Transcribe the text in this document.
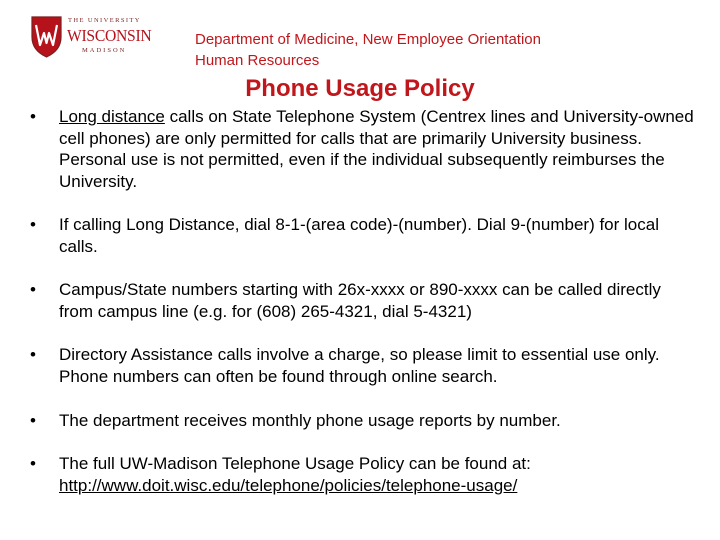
THE UNIVERSITY
WISCONSIN
MADISON
Department of Medicine, New Employee Orientation
Human Resources
Phone Usage Policy
• Long distance calls on State Telephone System (Centrex lines and University-owned cell phones) are only permitted for calls that are primarily University business. Personal use is not permitted, even if the individual subsequently reimburses the University.
• If calling Long Distance, dial 8-1-(area code)-(number). Dial 9-(number) for local calls.
• Campus/State numbers starting with 26x-xxxx or 890-xxxx can be called directly from campus line (e.g. for (608) 265-4321, dial 5-4321)
• Directory Assistance calls involve a charge, so please limit to essential use only. Phone numbers can often be found through online search.
• The department receives monthly phone usage reports by number.
• The full UW-Madison Telephone Usage Policy can be found at:
http://www.doit.wisc.edu/telephone/policies/telephone-usage/
